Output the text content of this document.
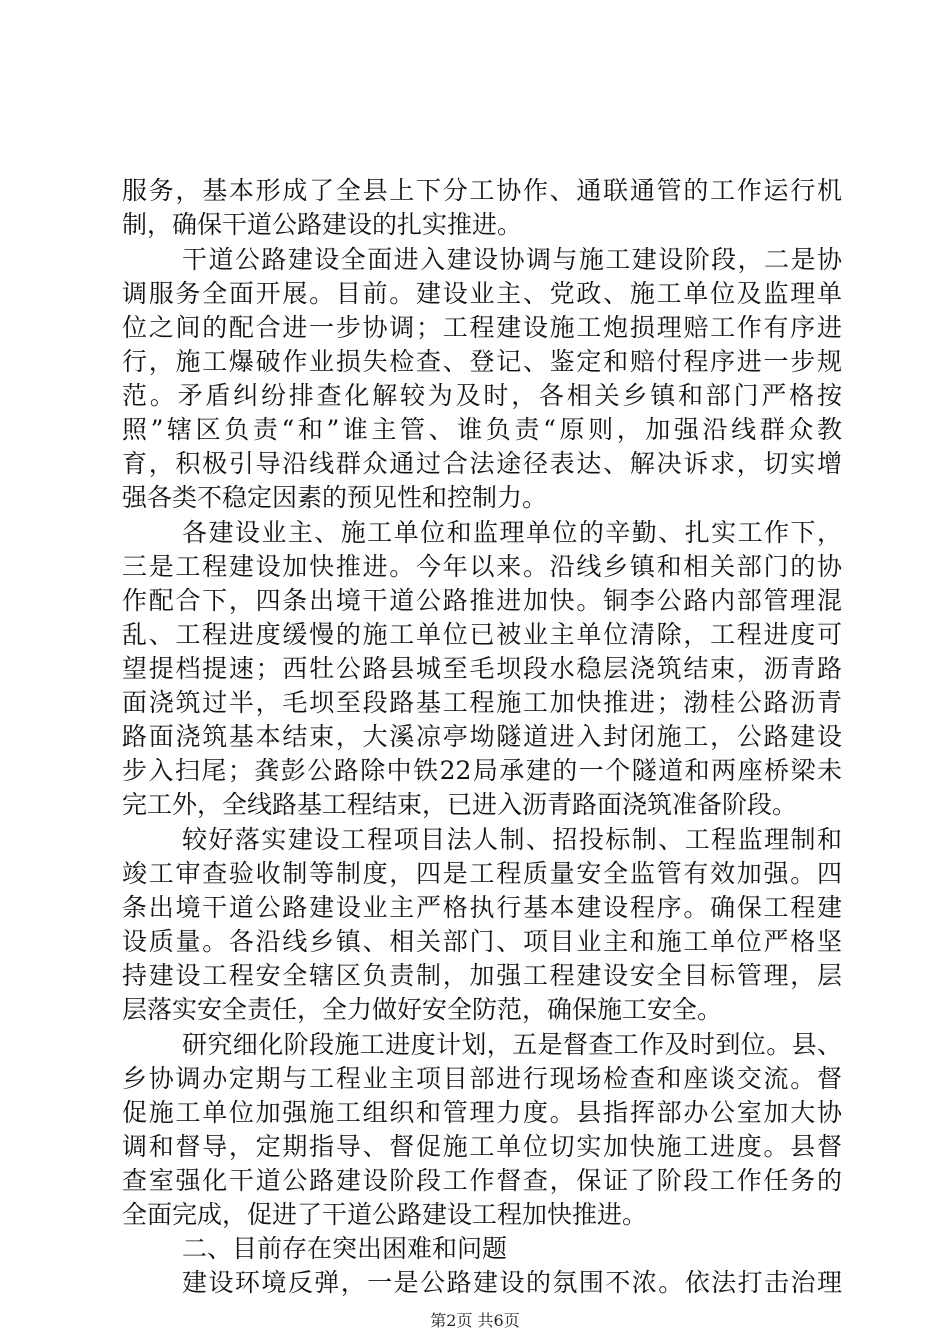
服务，基本形成了全县上下分工协作、通联通管的工作运行机
制，确保干道公路建设的扎实推进。
干道公路建设全面进入建设协调与施工建设阶段，二是协
调服务全面开展。目前。建设业主、党政、施工单位及监理单
位之间的配合进一步协调；工程建设施工炮损理赔工作有序进
行，施工爆破作业损失检查、登记、鉴定和赔付程序进一步规
范。矛盾纠纷排查化解较为及时，各相关乡镇和部门严格按
照”辖区负责“和”谁主管、谁负责“原则，加强沿线群众教
育，积极引导沿线群众通过合法途径表达、解决诉求，切实增
强各类不稳定因素的预见性和控制力。
各建设业主、施工单位和监理单位的辛勤、扎实工作下，
三是工程建设加快推进。今年以来。沿线乡镇和相关部门的协
作配合下，四条出境干道公路推进加快。铜李公路内部管理混
乱、工程进度缓慢的施工单位已被业主单位清除，工程进度可
望提档提速；西牡公路县城至毛坝段水稳层浇筑结束，沥青路
面浇筑过半，毛坝至段路基工程施工加快推进；渤桂公路沥青
路面浇筑基本结束，大溪凉亭坳隧道进入封闭施工，公路建设
步入扫尾；龚彭公路除中铁22局承建的一个隧道和两座桥梁未
完工外，全线路基工程结束，已进入沥青路面浇筑准备阶段。
较好落实建设工程项目法人制、招投标制、工程监理制和
竣工审查验收制等制度，四是工程质量安全监管有效加强。四
条出境干道公路建设业主严格执行基本建设程序。确保工程建
设质量。各沿线乡镇、相关部门、项目业主和施工单位严格坚
持建设工程安全辖区负责制，加强工程建设安全目标管理，层
层落实安全责任，全力做好安全防范，确保施工安全。
研究细化阶段施工进度计划，五是督查工作及时到位。县、
乡协调办定期与工程业主项目部进行现场检查和座谈交流。督
促施工单位加强施工组织和管理力度。县指挥部办公室加大协
调和督导，定期指导、督促施工单位切实加快施工进度。县督
查室强化干道公路建设阶段工作督查，保证了阶段工作任务的
全面完成，促进了干道公路建设工程加快推进。
二、目前存在突出困难和问题
建设环境反弹，一是公路建设的氛围不浓。依法打击治理
第2页 共6页
